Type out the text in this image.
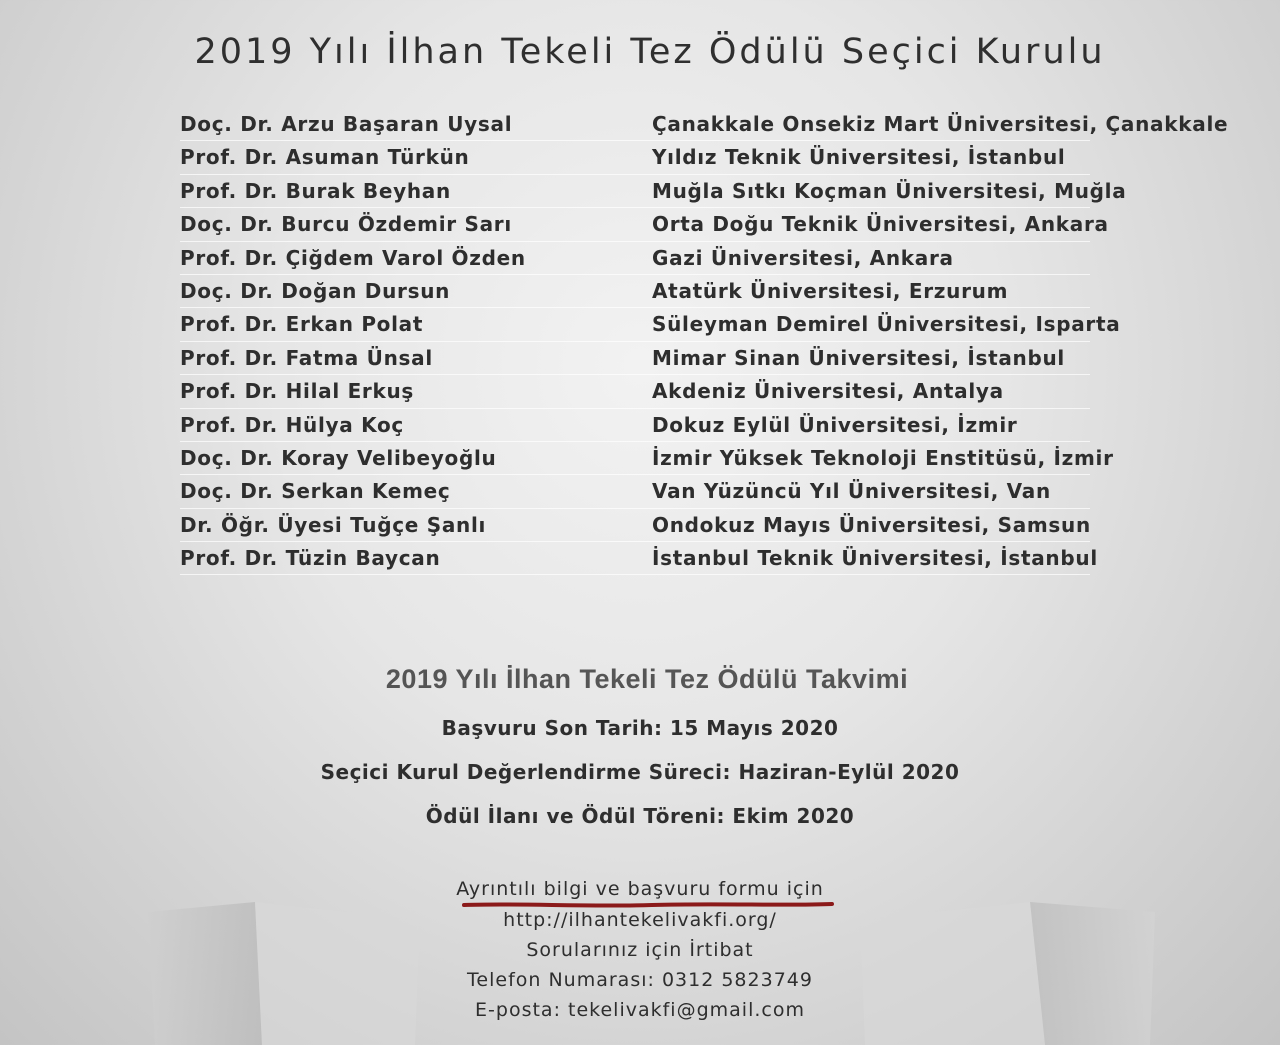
2019 Yılı İlhan Tekeli Tez Ödülü Seçici Kurulu
Doç. Dr. Arzu Başaran Uysal	Çanakkale Onsekiz Mart Üniversitesi, Çanakkale
Prof. Dr. Asuman Türkün	Yıldız Teknik Üniversitesi, İstanbul
Prof. Dr. Burak Beyhan	Muğla Sıtkı Koçman Üniversitesi, Muğla
Doç. Dr. Burcu Özdemir Sarı	Orta Doğu Teknik Üniversitesi, Ankara
Prof. Dr. Çiğdem Varol Özden	Gazi Üniversitesi, Ankara
Doç. Dr. Doğan Dursun	Atatürk Üniversitesi, Erzurum
Prof. Dr. Erkan Polat	Süleyman Demirel Üniversitesi, Isparta
Prof. Dr. Fatma Ünsal	Mimar Sinan Üniversitesi, İstanbul
Prof. Dr. Hilal Erkuş	Akdeniz Üniversitesi, Antalya
Prof. Dr. Hülya Koç	Dokuz Eylül Üniversitesi, İzmir
Doç. Dr. Koray Velibeyoğlu	İzmir Yüksek Teknoloji Enstitüsü, İzmir
Doç. Dr. Serkan Kemeç	Van Yüzüncü Yıl Üniversitesi, Van
Dr. Öğr. Üyesi Tuğçe Şanlı	Ondokuz Mayıs Üniversitesi, Samsun
Prof. Dr. Tüzin Baycan	İstanbul Teknik Üniversitesi, İstanbul
2019 Yılı İlhan Tekeli Tez Ödülü Takvimi
Başvuru Son Tarih: 15 Mayıs 2020
Seçici Kurul Değerlendirme Süreci: Haziran-Eylül 2020
Ödül İlanı ve Ödül Töreni: Ekim 2020
Ayrıntılı bilgi ve başvuru formu için
http://ilhantekelivakfi.org/
Sorularınız için İrtibat
Telefon Numarası: 0312 5823749
E-posta: tekelivakfi@gmail.com
